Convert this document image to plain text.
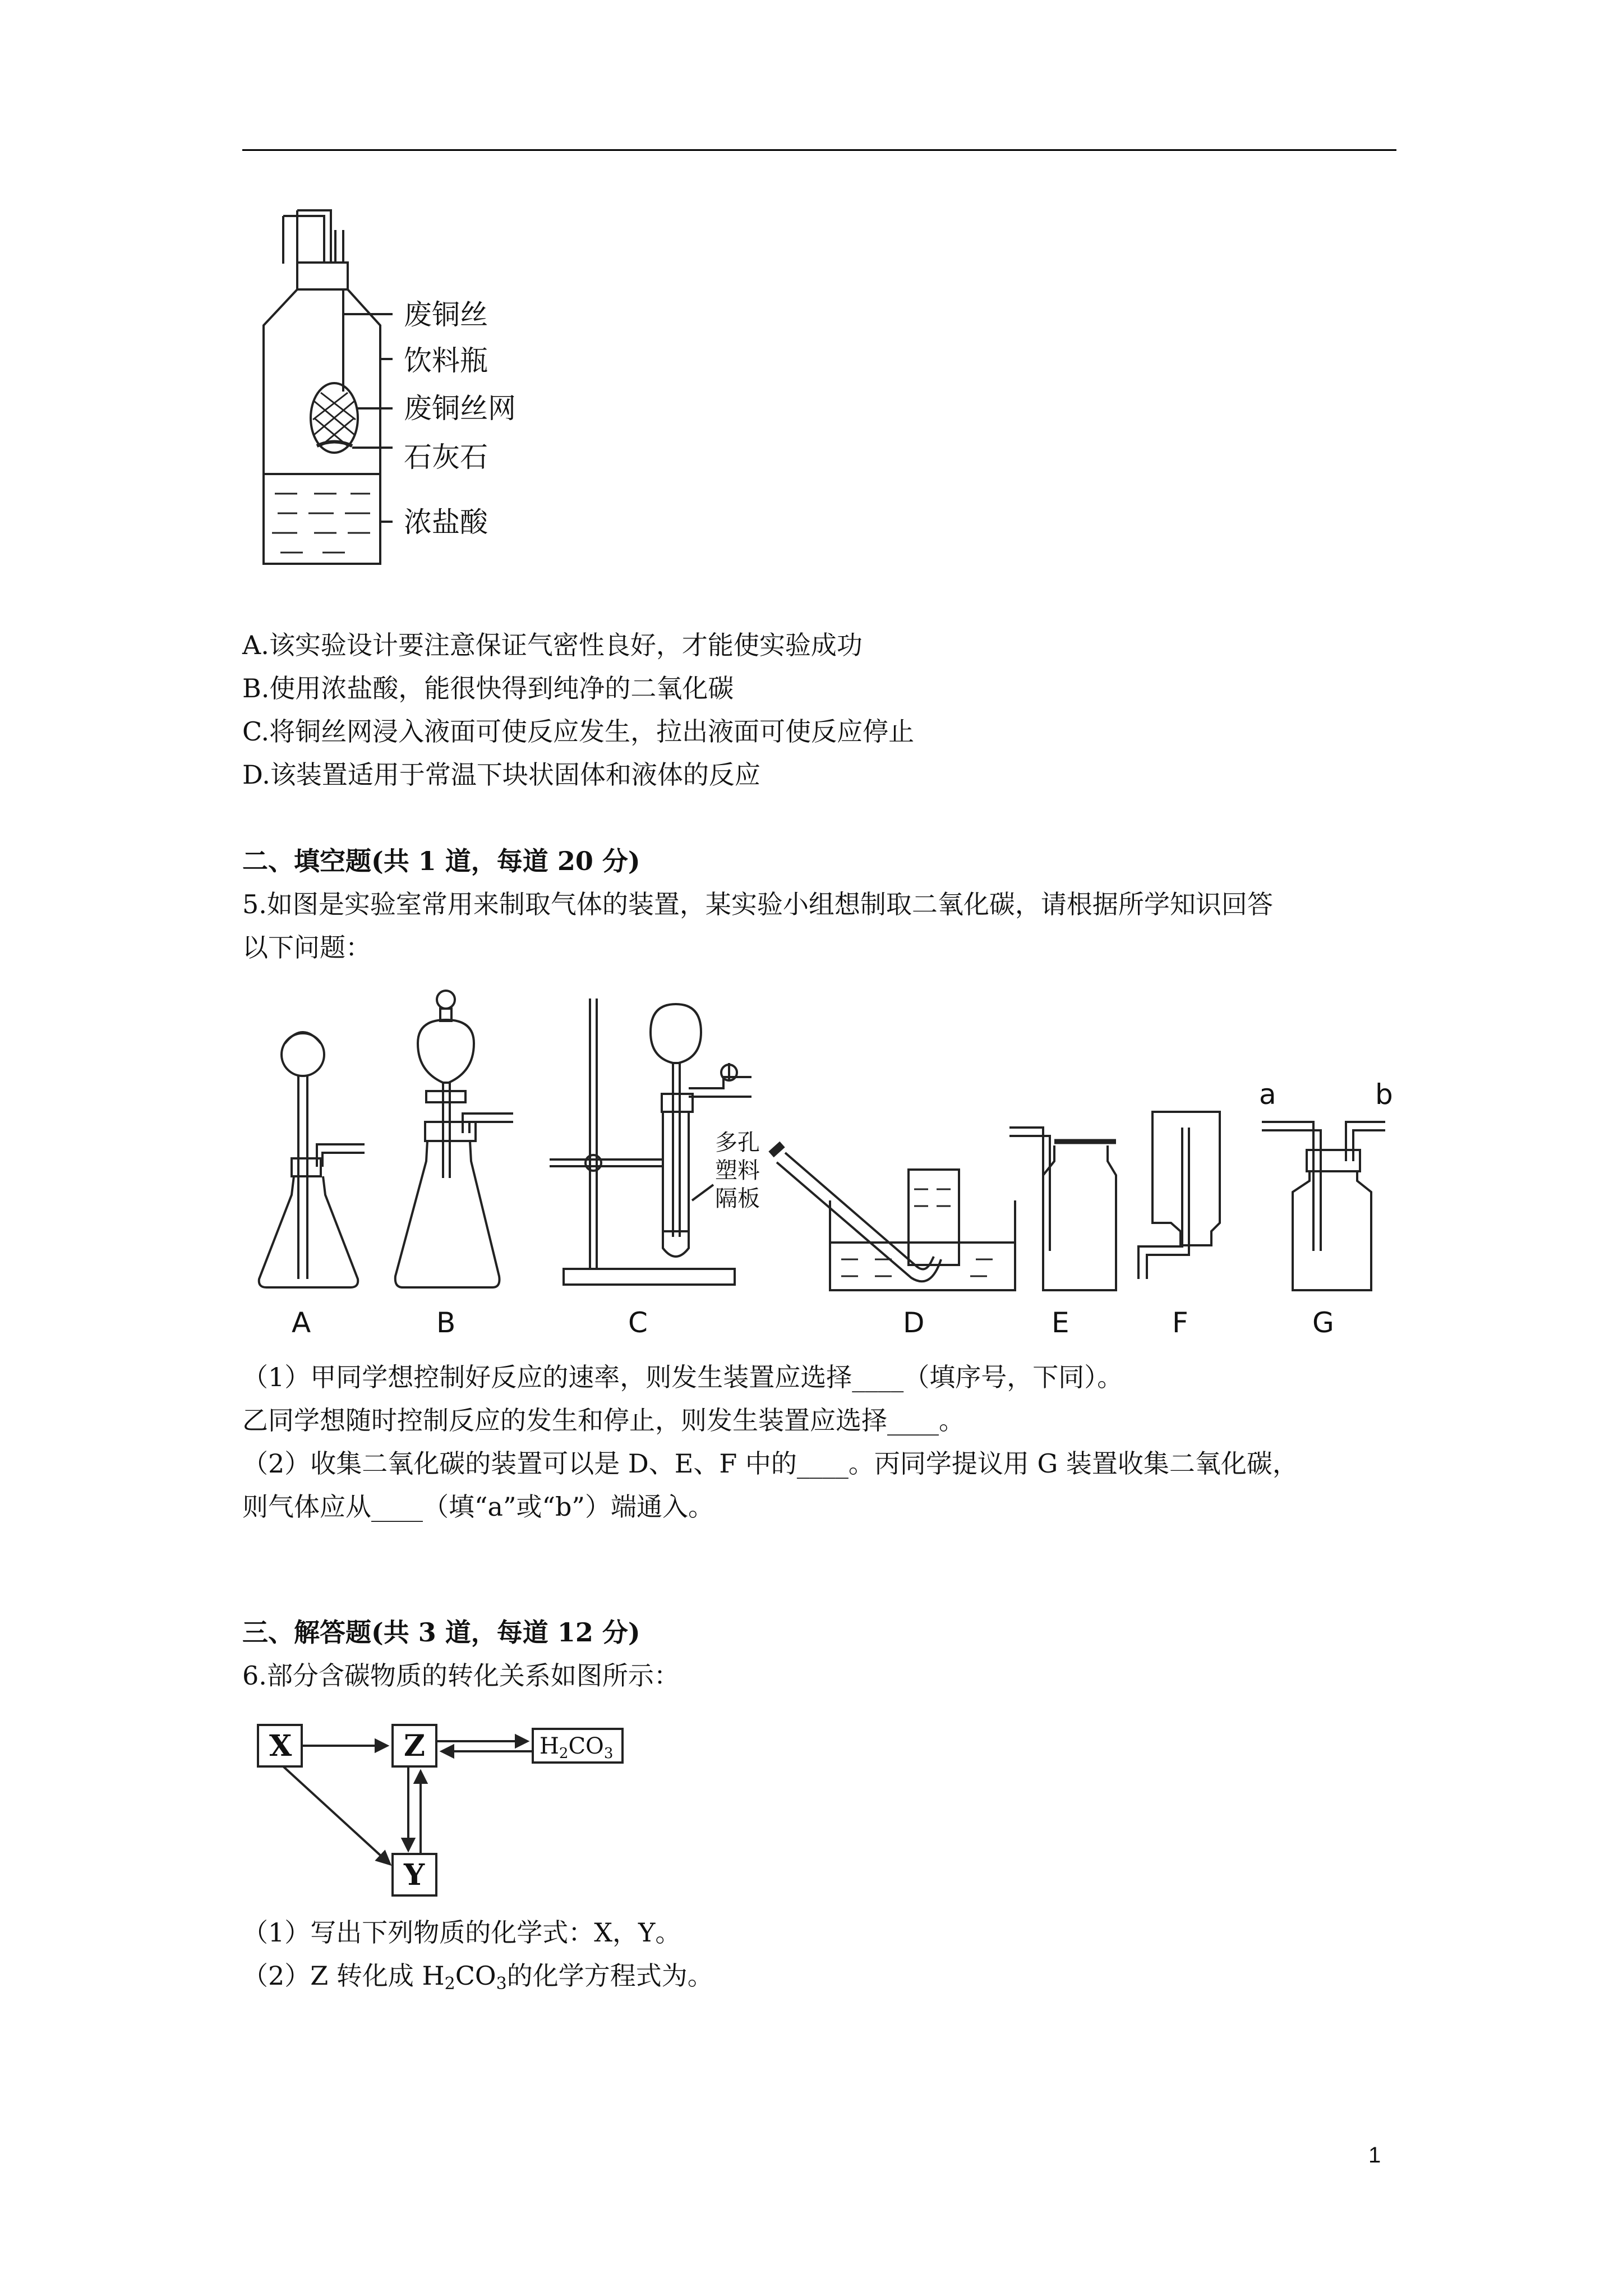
废铜丝
饮料瓶
废铜丝网
石灰石
浓盐酸
A.该实验设计要注意保证气密性良好，才能使实验成功
B.使用浓盐酸，能很快得到纯净的二氧化碳
C.将铜丝网浸入液面可使反应发生，拉出液面可使反应停止
D.该装置适用于常温下块状固体和液体的反应
二、填空题(共 1 道，每道 20 分)
5.如图是实验室常用来制取气体的装置，某实验小组想制取二氧化碳，请根据所学知识回答
以下问题：
A	B
多孔
塑料
隔板
C	D	E	F
a	b
G
（1）甲同学想控制好反应的速率，则发生装置应选择____（填序号，下同）。
乙同学想随时控制反应的发生和停止，则发生装置应选择____。
（2）收集二氧化碳的装置可以是 D、E、F 中的____。丙同学提议用 G 装置收集二氧化碳，
则气体应从____（填“a”或“b”）端通入。
三、解答题(共 3 道，每道 12 分)
6.部分含碳物质的转化关系如图所示：
X	Z
Y
$H_2CO_3$
（1）写出下列物质的化学式：X，Y。
（2）Z 转化成 $H_2CO_3$的化学方程式为。
1
